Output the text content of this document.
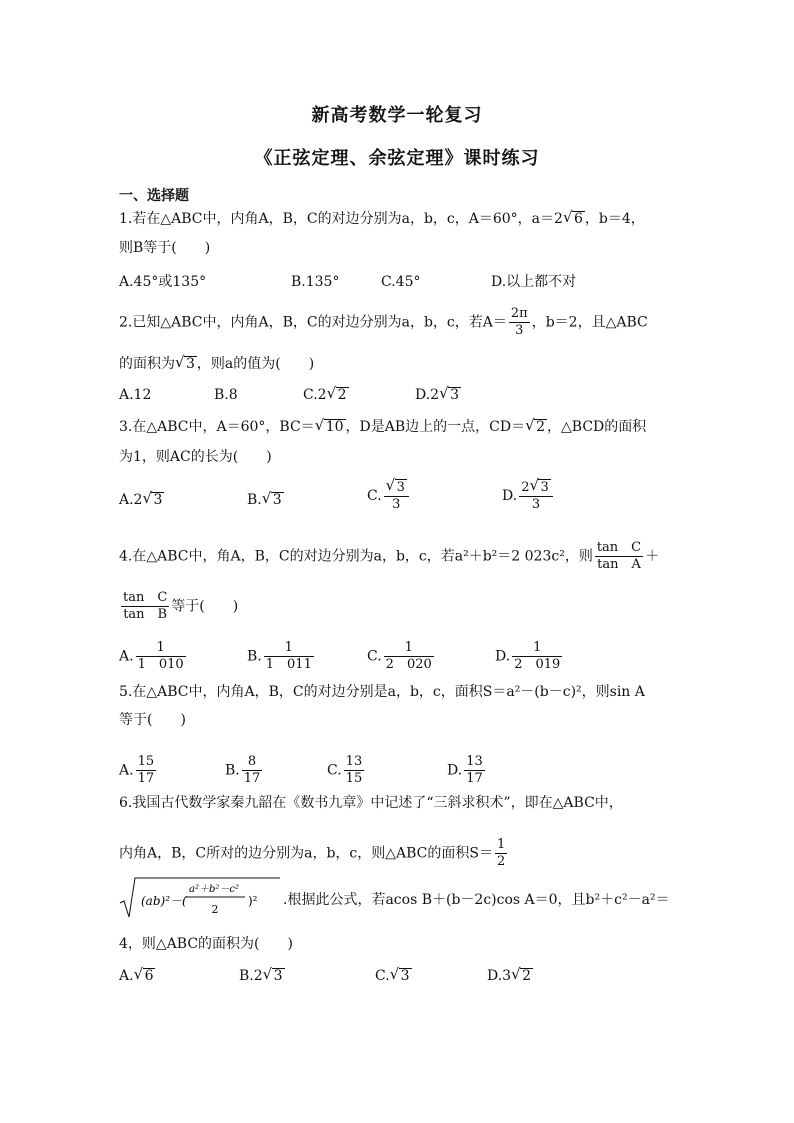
新高考数学一轮复习
《正弦定理、余弦定理》课时练习
一、选择题
1.若在△ABC中，内角A，B，C的对边分别为a，b，c，A＝60°，a＝2 √ 6 ，b＝4，
则B等于(　　)
A.45°或135°	B.135°	C.45°	D.以上都不对
2.已知△ABC中，内角A，B，C的对边分别为a，b，c，若$A= \frac{2\pi}{3}$ ，b＝2，且△ABC
的面积为 √ 3 ，则a的值为(　　)
A.12	B.8	C.2 √ 2	D.2 √ 3
3.在△ABC中，A＝60°，BC＝ √ 10 ，D是AB边上的一点，CD＝ √ 2 ，△BCD的面积
为1，则AC的长为(　　)
A.2 √ 3	B. √ 3	C. $\frac{√ 3}{3}$	D. $\frac{2 √ 3}{3}$
4.在△ABC中，角A，B，C的对边分别为a，b，c，若a²＋b²＝2 023c²，则 $\frac{\text{tan　C}}{\text{tan　A}}$ ＋
$\frac{\text{tan　C}}{\text{tan　B}}$ 等于(　　)
A. $\frac{1}{1 010}$	B. $\frac{1}{1 011}$	C. $\frac{1}{2 020}$	D. $\frac{1}{2 019}$
5.在△ABC中，内角A，B，C的对边分别是a，b，c，面积S＝a²－(b－c)²，则sin A
等于(　　)
A. $\frac{15}{17}$	B. $\frac{8}{17}$	C. $\frac{13}{15}$	D. $\frac{13}{17}$
6.我国古代数学家秦九韶在《数书九章》中记述了“三斜求积术”，即在△ABC中，
内角A，B，C所对的边分别为a，b，c，则△ABC的面积$S= \frac{1}{2}$
(ab)²－(
a²＋b²－c²
2
)² .根据此公式，若acos B＋(b－2c)cos A＝0，且b²＋c²－a²＝
4，则△ABC的面积为(　　)
A. √ 6	B.2 √ 3	C. √ 3	D.3 √ 2
